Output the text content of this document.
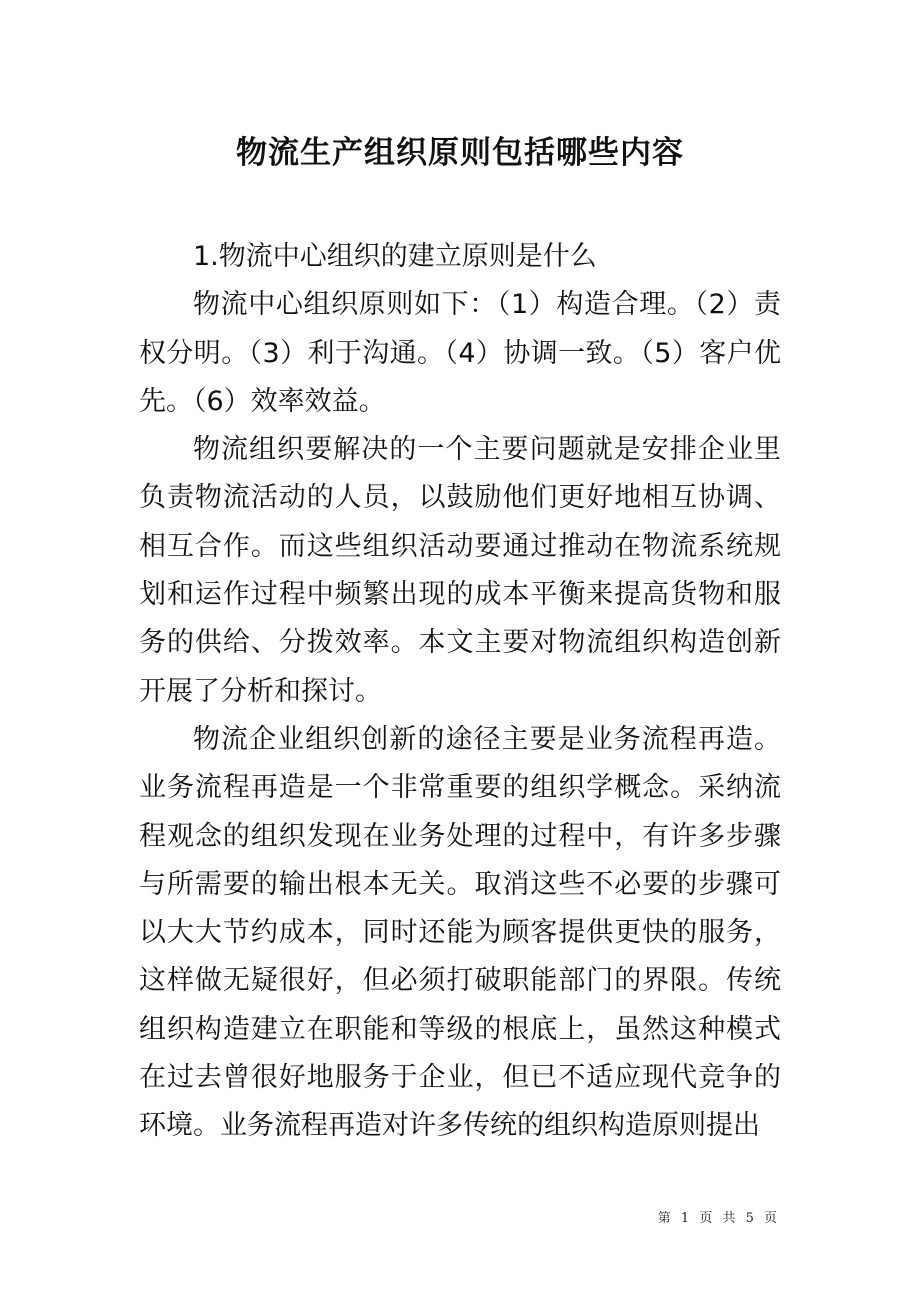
物流生产组织原则包括哪些内容

1.物流中心组织的建立原则是什么

物流中心组织原则如下：（1）构造合理。（2）责权分明。（3）利于沟通。（4）协调一致。（5）客户优先。（6）效率效益。

物流组织要解决的一个主要问题就是安排企业里负责物流活动的人员，以鼓励他们更好地相互协调、相互合作。而这些组织活动要通过推动在物流系统规划和运作过程中频繁出现的成本平衡来提高货物和服务的供给、分拨效率。本文主要对物流组织构造创新开展了分析和探讨。

物流企业组织创新的途径主要是业务流程再造。业务流程再造是一个非常重要的组织学概念。采纳流程观念的组织发现在业务处理的过程中，有许多步骤与所需要的输出根本无关。取消这些不必要的步骤可以大大节约成本，同时还能为顾客提供更快的服务，这样做无疑很好，但必须打破职能部门的界限。传统组织构造建立在职能和等级的根底上，虽然这种模式在过去曾很好地服务于企业，但已不适应现代竞争的环境。业务流程再造对许多传统的组织构造原则提出

第 1 页 共 5 页
